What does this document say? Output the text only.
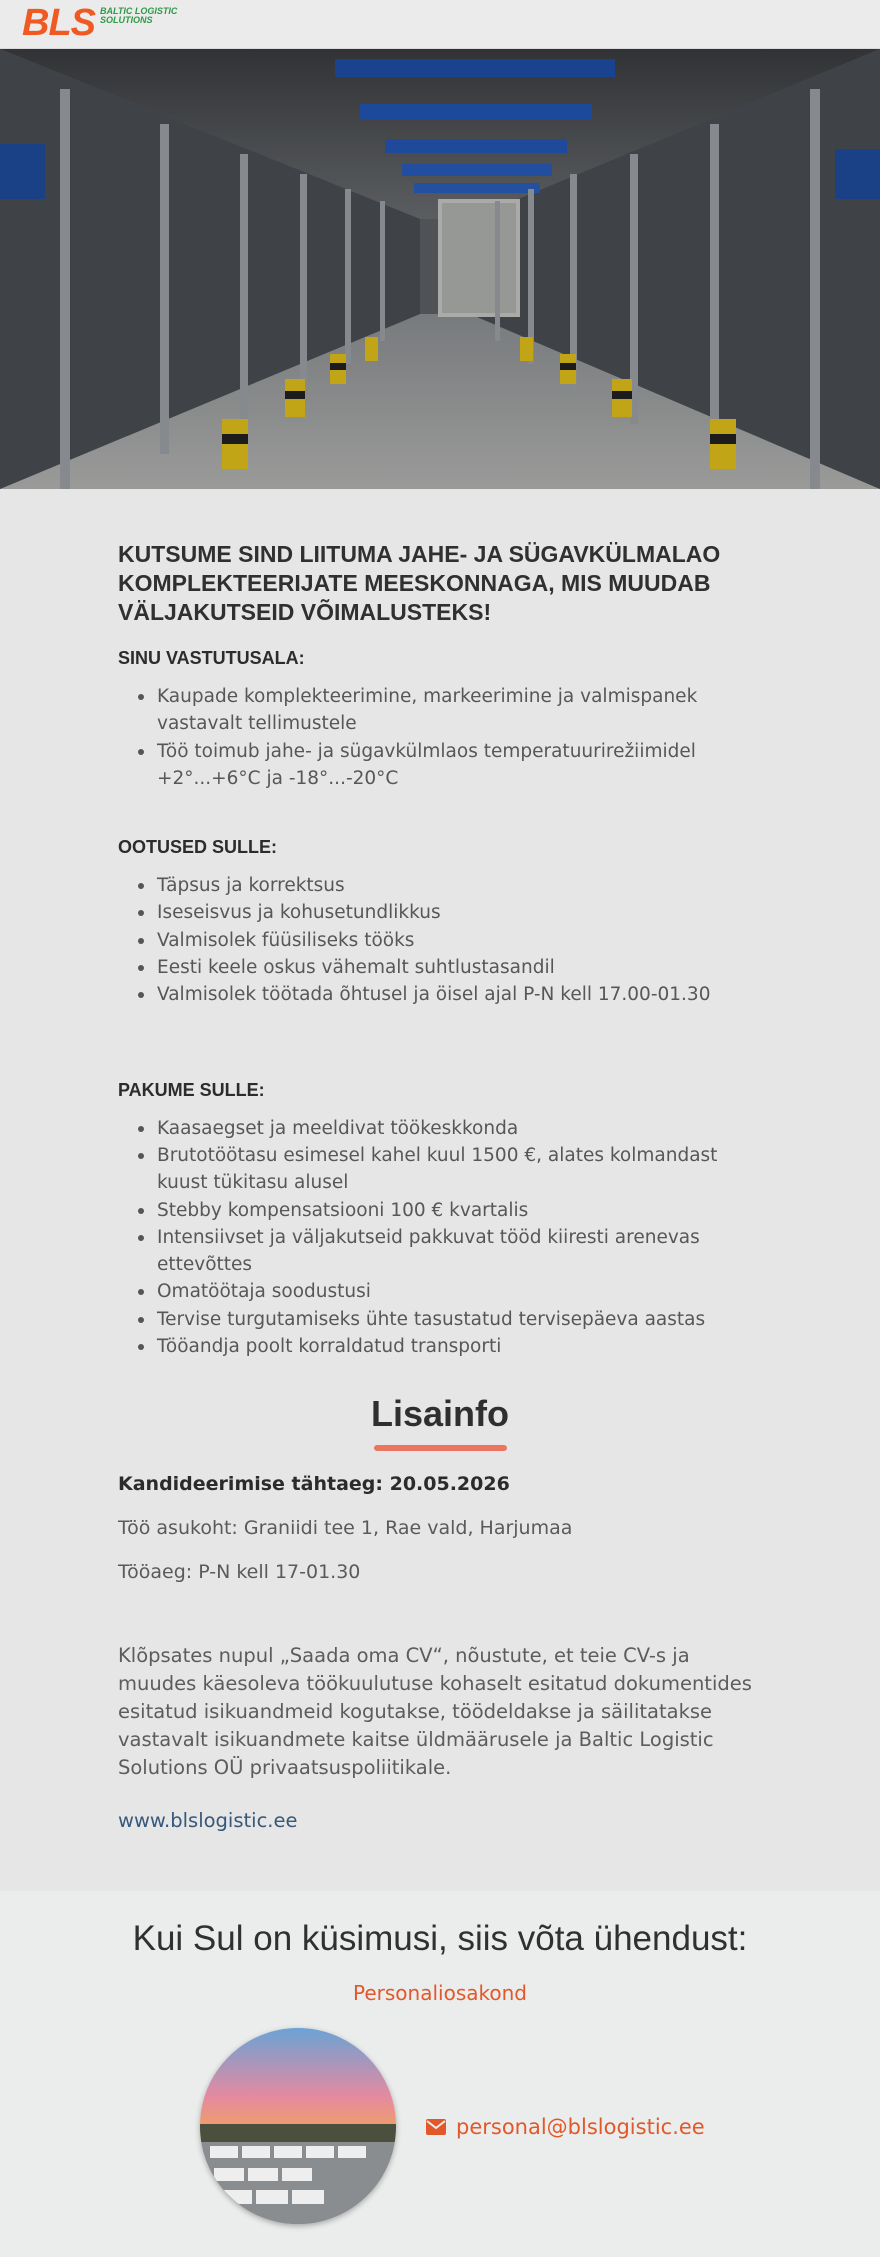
BLS BALTIC LOGISTIC
SOLUTIONS
KUTSUME SIND LIITUMA JAHE- JA SÜGAVKÜLMALAO KOMPLEKTEERIJATE MEESKONNAGA, MIS MUUDAB VÄLJAKUTSEID VÕIMALUSTEKS!
SINU VASTUTUSALA:
Kaupade komplekteerimine, markeerimine ja valmispanek vastavalt tellimustele
Töö toimub jahe- ja sügavkülmlaos temperatuurirežiimidel +2°...+6°C ja -18°...-20°C
OOTUSED SULLE:
Täpsus ja korrektsus
Iseseisvus ja kohusetundlikkus
Valmisolek füüsiliseks tööks
Eesti keele oskus vähemalt suhtlustasandil
Valmisolek töötada õhtusel ja öisel ajal P-N kell 17.00-01.30
PAKUME SULLE:
Kaasaegset ja meeldivat töökeskkonda
Brutotöötasu esimesel kahel kuul 1500 €, alates kolmandast kuust tükitasu alusel
Stebby kompensatsiooni 100 € kvartalis
Intensiivset ja väljakutseid pakkuvat tööd kiiresti arenevas ettevõttes
Omatöötaja soodustusi
Tervise turgutamiseks ühte tasustatud tervisepäeva aastas
Tööandja poolt korraldatud transporti
Lisainfo
Kandideerimise tähtaeg: 20.05.2026
Töö asukoht: Graniidi tee 1, Rae vald, Harjumaa
Tööaeg: P-N kell 17-01.30
Klõpsates nupul „Saada oma CV“, nõustute, et teie CV-s ja muudes käesoleva töökuulutuse kohaselt esitatud dokumentides esitatud isikuandmeid kogutakse, töödeldakse ja säilitatakse vastavalt isikuandmete kaitse üldmäärusele ja Baltic Logistic Solutions OÜ privaatsuspoliitikale.
www.blslogistic.ee
Kui Sul on küsimusi, siis võta ühendust:
Personaliosakond
personal@blslogistic.ee
